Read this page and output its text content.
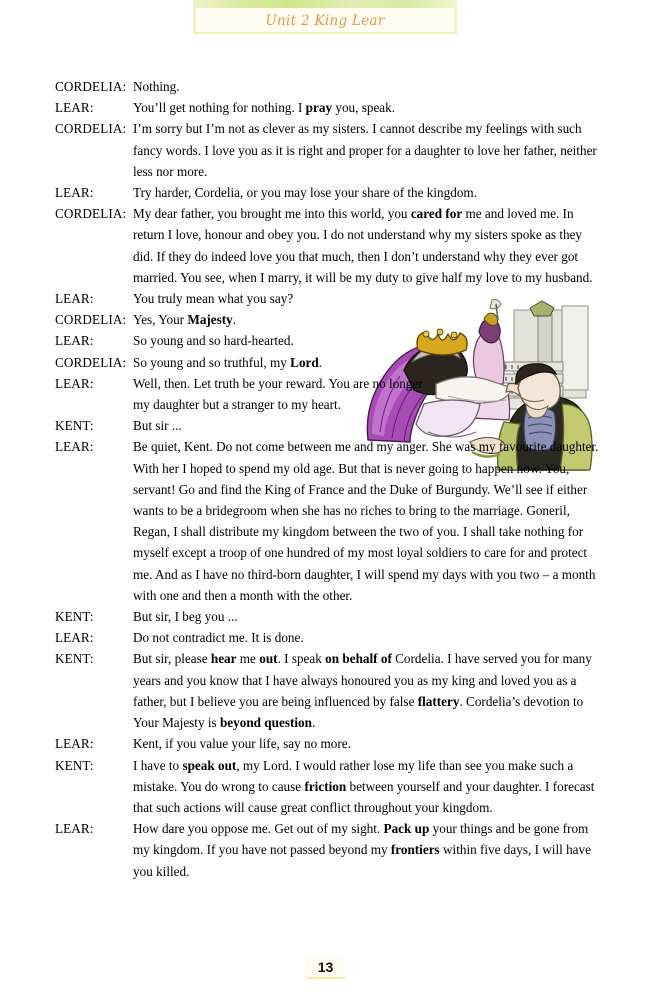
Unit 2 King Lear
CORDELIA: Nothing.
LEAR:	You’ll get nothing for nothing. I pray you, speak.
CORDELIA: I’m sorry but I’m not as clever as my sisters. I cannot describe my feelings with such fancy words. I love you as it is right and proper for a daughter to love her father, neither less nor more.
LEAR:	Try harder, Cordelia, or you may lose your share of the kingdom.
CORDELIA: My dear father, you brought me into this world, you cared for me and loved me. In return I love, honour and obey you. I do not understand why my sisters spoke as they did. If they do indeed love you that much, then I don’t understand why they ever got married. You see, when I marry, it will be my duty to give half my love to my husband.
LEAR:	You truly mean what you say?
CORDELIA: Yes, Your Majesty.
LEAR:	So young and so hard-hearted.
CORDELIA: So young and so truthful, my Lord.
LEAR:	Well, then. Let truth be your reward. You are no longer my daughter but a stranger to my heart.
KENT:	But sir ...
LEAR:	Be quiet, Kent. Do not come between me and my anger. She was my favourite daughter. With her I hoped to spend my old age. But that is never going to happen now. You, servant! Go and find the King of France and the Duke of Burgundy. We’ll see if either wants to be a bridegroom when she has no riches to bring to the marriage. Goneril, Regan, I shall distribute my kingdom between the two of you. I shall take nothing for myself except a troop of one hundred of my most loyal soldiers to care for and protect me. And as I have no third-born daughter, I will spend my days with you two – a month with one and then a month with the other.
KENT:	But sir, I beg you ...
LEAR:	Do not contradict me. It is done.
KENT:	But sir, please hear me out. I speak on behalf of Cordelia. I have served you for many years and you know that I have always honoured you as my king and loved you as a father, but I believe you are being influenced by false flattery. Cordelia’s devotion to Your Majesty is beyond question.
LEAR:	Kent, if you value your life, say no more.
KENT:	I have to speak out, my Lord. I would rather lose my life than see you make such a mistake. You do wrong to cause friction between yourself and your daughter. I forecast that such actions will cause great conflict throughout your kingdom.
LEAR:	How dare you oppose me. Get out of my sight. Pack up your things and be gone from my kingdom. If you have not passed beyond my frontiers within five days, I will have you killed.
13
